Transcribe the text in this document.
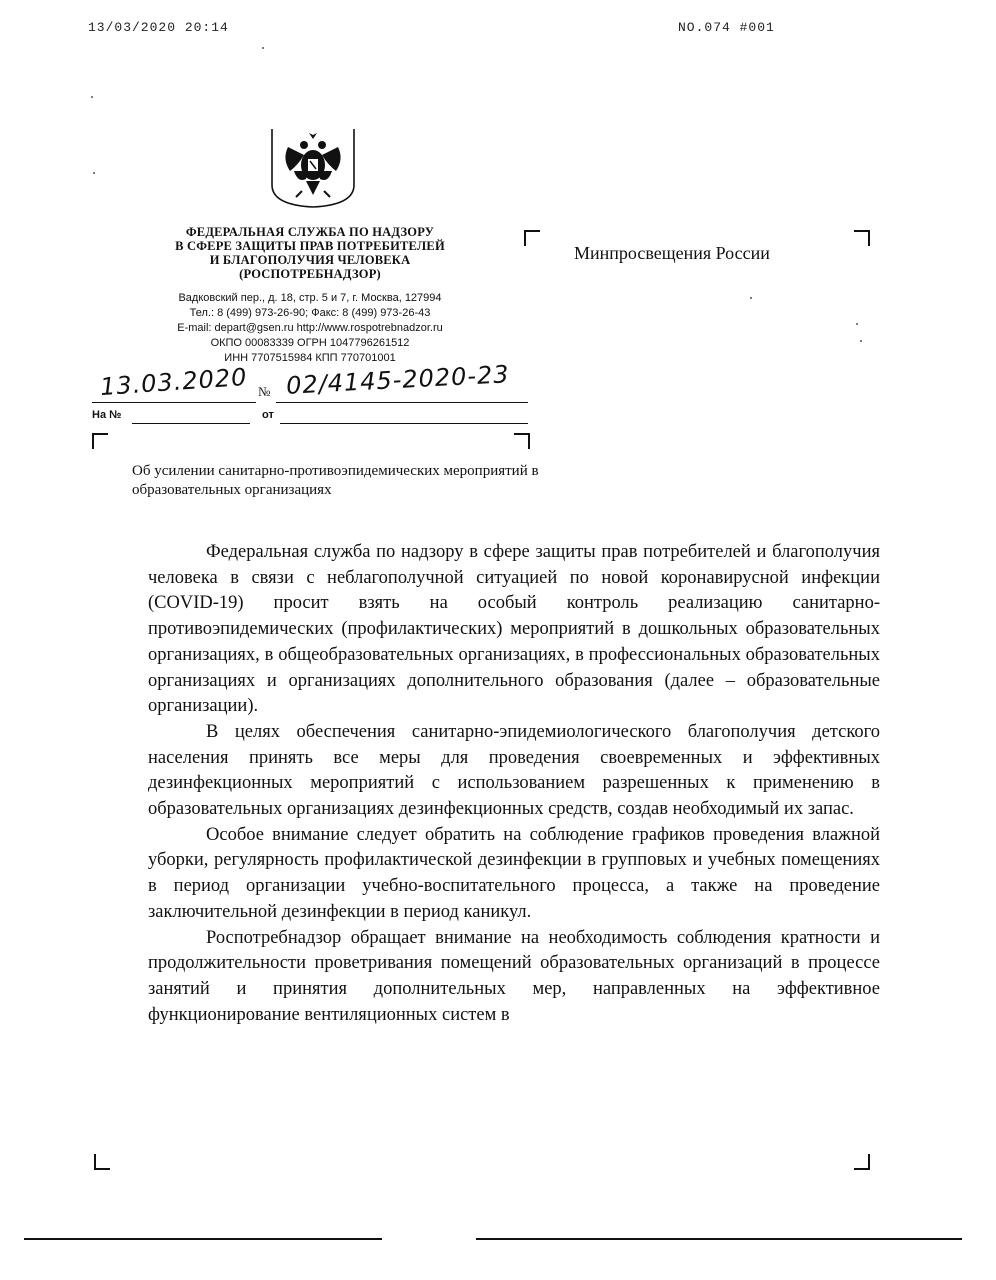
13/03/2020 20:14	NO.074 #001
ФЕДЕРАЛЬНАЯ СЛУЖБА ПО НАДЗОРУ
В СФЕРЕ ЗАЩИТЫ ПРАВ ПОТРЕБИТЕЛЕЙ
И БЛАГОПОЛУЧИЯ ЧЕЛОВЕКА
(РОСПОТРЕБНАДЗОР)
Вадковский пер., д. 18, стр. 5 и 7, г. Москва, 127994
Тел.: 8 (499) 973-26-90; Факс: 8 (499) 973-26-43
E-mail: depart@gsen.ru http://www.rospotrebnadzor.ru
ОКПО 00083339 ОГРН 1047796261512
ИНН 7707515984 КПП 770701001
Минпросвещения России
13.03.2020 № 02/4145-2020-23
На №	от
Об усилении санитарно-противоэпидемических мероприятий в образовательных организациях

Федеральная служба по надзору в сфере защиты прав потребителей и благополучия человека в связи с неблагополучной ситуацией по новой коронавирусной инфекции (COVID-19) просит взять на особый контроль реализацию санитарно-противоэпидемических (профилактических) мероприятий в дошкольных образовательных организациях, в общеобразовательных организациях, в профессиональных образовательных организациях и организациях дополнительного образования (далее – образовательные организации).

В целях обеспечения санитарно-эпидемиологического благополучия детского населения принять все меры для проведения своевременных и эффективных дезинфекционных мероприятий с использованием разрешенных к применению в образовательных организациях дезинфекционных средств, создав необходимый их запас.

Особое внимание следует обратить на соблюдение графиков проведения влажной уборки, регулярность профилактической дезинфекции в групповых и учебных помещениях в период организации учебно-воспитательного процесса, а также на проведение заключительной дезинфекции в период каникул.

Роспотребнадзор обращает внимание на необходимость соблюдения кратности и продолжительности проветривания помещений образовательных организаций в процессе занятий и принятия дополнительных мер, направленных на эффективное функционирование вентиляционных систем в
